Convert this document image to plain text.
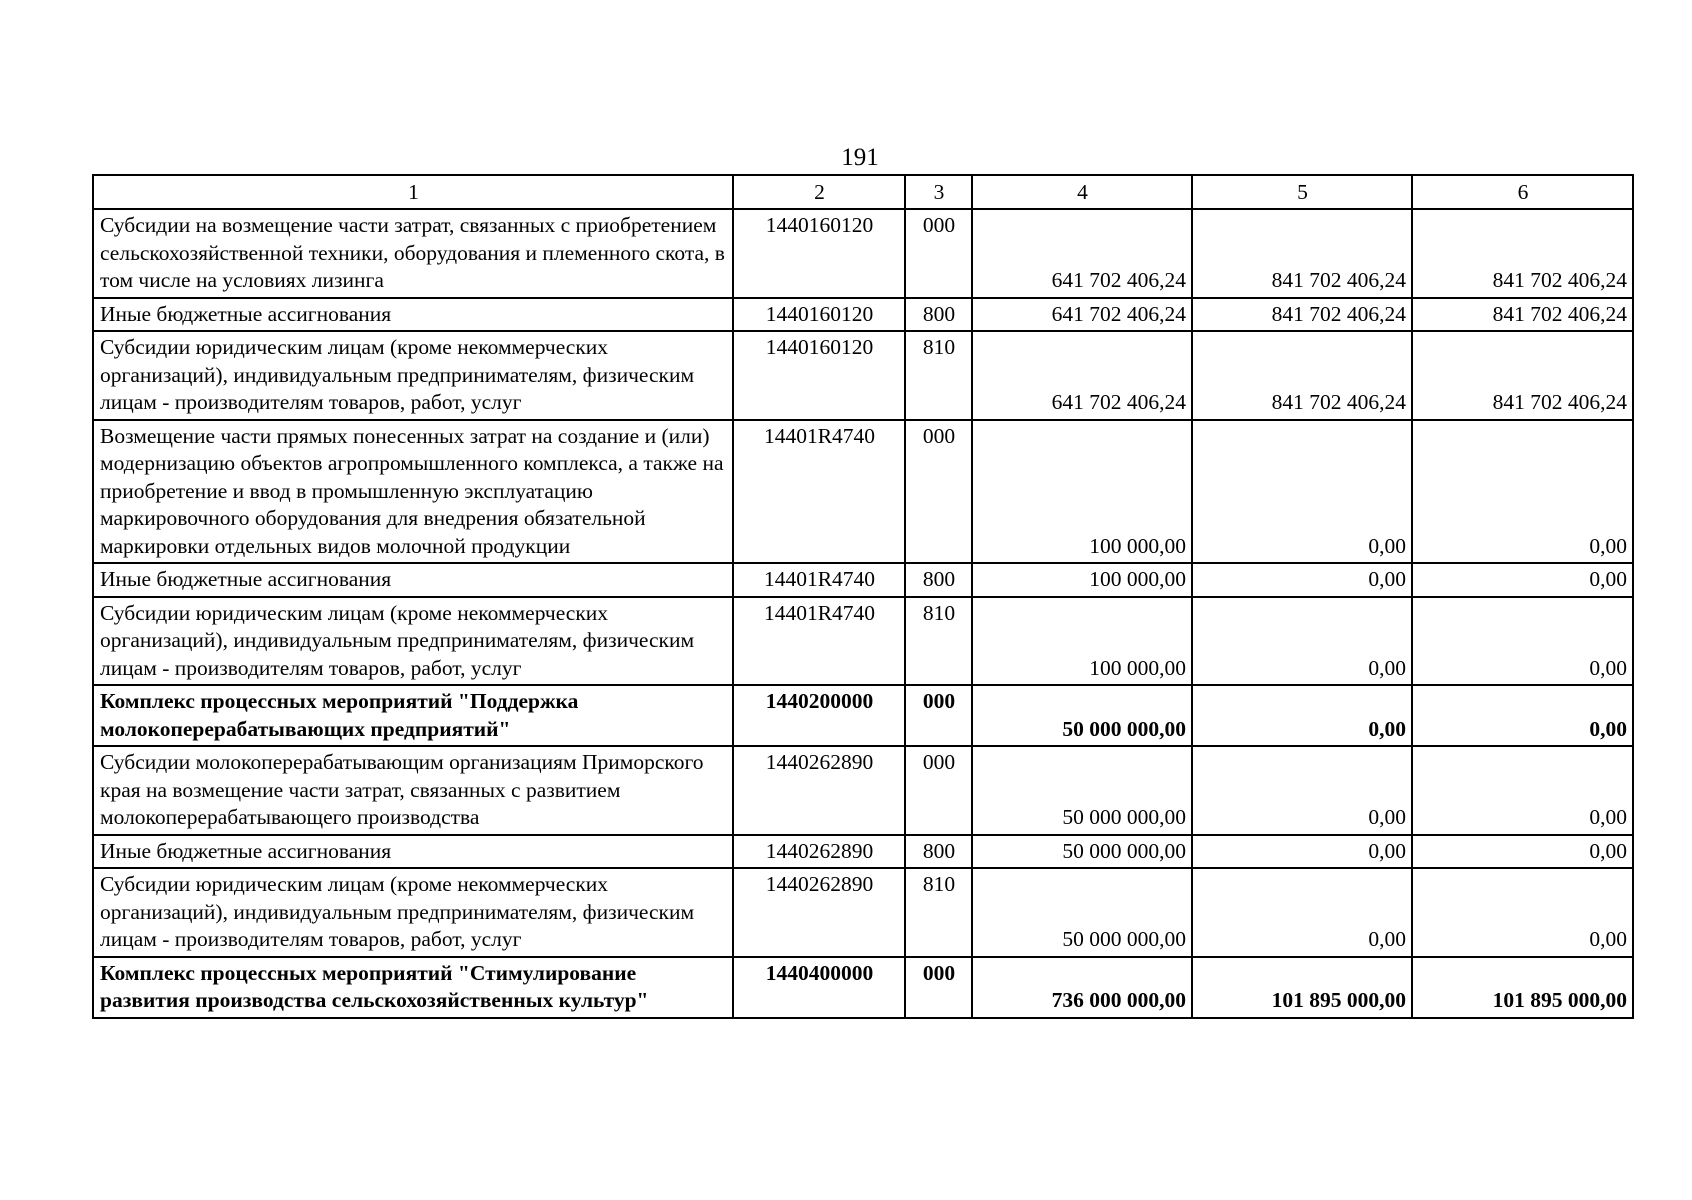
191
1	2	3	4	5	6
Субсидии на возмещение части затрат, связанных с приобретением сельскохозяйственной техники, оборудования и племенного скота, в том числе на условиях лизинга	1440160120	000	641 702 406,24	841 702 406,24	841 702 406,24
Иные бюджетные ассигнования	1440160120	800	641 702 406,24	841 702 406,24	841 702 406,24
Субсидии юридическим лицам (кроме некоммерческих организаций), индивидуальным предпринимателям, физическим лицам - производителям товаров, работ, услуг	1440160120	810	641 702 406,24	841 702 406,24	841 702 406,24
Возмещение части прямых понесенных затрат на создание и (или) модернизацию объектов агропромышленного комплекса, а также на приобретение и ввод в промышленную эксплуатацию маркировочного оборудования для внедрения обязательной маркировки отдельных видов молочной продукции	14401R4740	000	100 000,00	0,00	0,00
Иные бюджетные ассигнования	14401R4740	800	100 000,00	0,00	0,00
Субсидии юридическим лицам (кроме некоммерческих организаций), индивидуальным предпринимателям, физическим лицам - производителям товаров, работ, услуг	14401R4740	810	100 000,00	0,00	0,00
Комплекс процессных мероприятий "Поддержка молокоперерабатывающих предприятий"	1440200000	000	50 000 000,00	0,00	0,00
Субсидии молокоперерабатывающим организациям Приморского края на возмещение части затрат, связанных с развитием молокоперерабатывающего производства	1440262890	000	50 000 000,00	0,00	0,00
Иные бюджетные ассигнования	1440262890	800	50 000 000,00	0,00	0,00
Субсидии юридическим лицам (кроме некоммерческих организаций), индивидуальным предпринимателям, физическим лицам - производителям товаров, работ, услуг	1440262890	810	50 000 000,00	0,00	0,00
Комплекс процессных мероприятий "Стимулирование развития производства сельскохозяйственных культур"	1440400000	000	736 000 000,00	101 895 000,00	101 895 000,00
